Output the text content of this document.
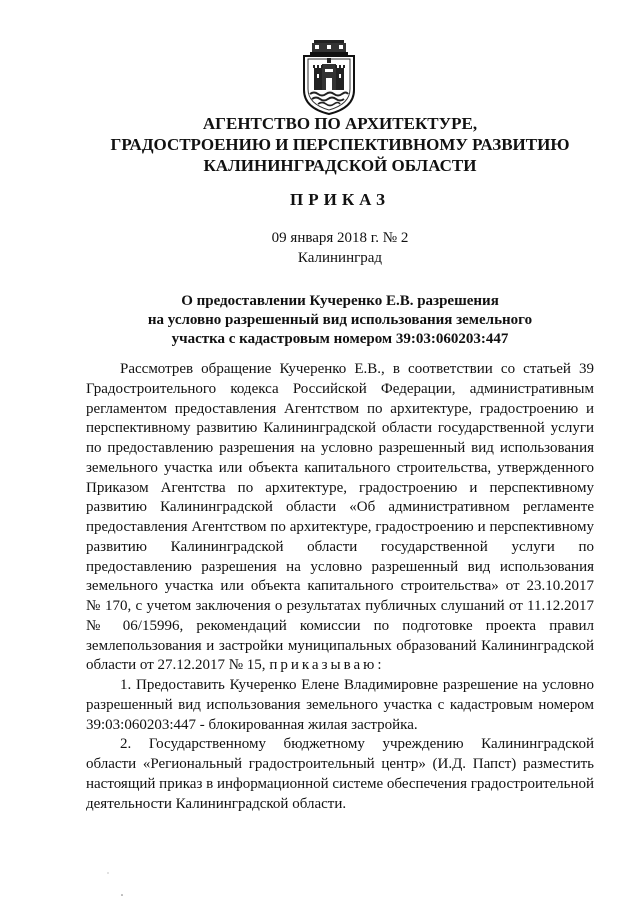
АГЕНТСТВО ПО АРХИТЕКТУРЕ,
ГРАДОСТРОЕНИЮ И ПЕРСПЕКТИВНОМУ РАЗВИТИЮ
КАЛИНИНГРАДСКОЙ ОБЛАСТИ
ПРИКАЗ
09 января 2018 г. № 2
Калининград
О предоставлении Кучеренко Е.В. разрешения
на условно разрешенный вид использования земельного
участка с кадастровым номером 39:03:060203:447
Рассмотрев обращение Кучеренко Е.В., в соответствии со статьей 39
Градостроительного кодекса Российской Федерации, административным
регламентом предоставления Агентством по архитектуре, градостроению и
перспективному развитию Калининградской области государственной услуги
по предоставлению разрешения на условно разрешенный вид использования
земельного участка или объекта капитального строительства, утвержденного
Приказом Агентства по архитектуре, градостроению и перспективному
развитию Калининградской области «Об административном регламенте
предоставления Агентством по архитектуре, градостроению и перспективному
развитию Калининградской области государственной услуги по
предоставлению разрешения на условно разрешенный вид использования
земельного участка или объекта капитального строительства» от 23.10.2017
№ 170, с учетом заключения о результатах публичных слушаний от 11.12.2017
№ 06/15996, рекомендаций комиссии по подготовке проекта правил
землепользования и застройки муниципальных образований Калининградской
области от 27.12.2017 № 15, приказываю:
1. Предоставить Кучеренко Елене Владимировне разрешение на условно
разрешенный вид использования земельного участка с кадастровым номером
39:03:060203:447 - блокированная жилая застройка.
2. Государственному бюджетному учреждению Калининградской
области «Региональный градостроительный центр» (И.Д. Папст) разместить
настоящий приказ в информационной системе обеспечения градостроительной
деятельности Калининградской области.
